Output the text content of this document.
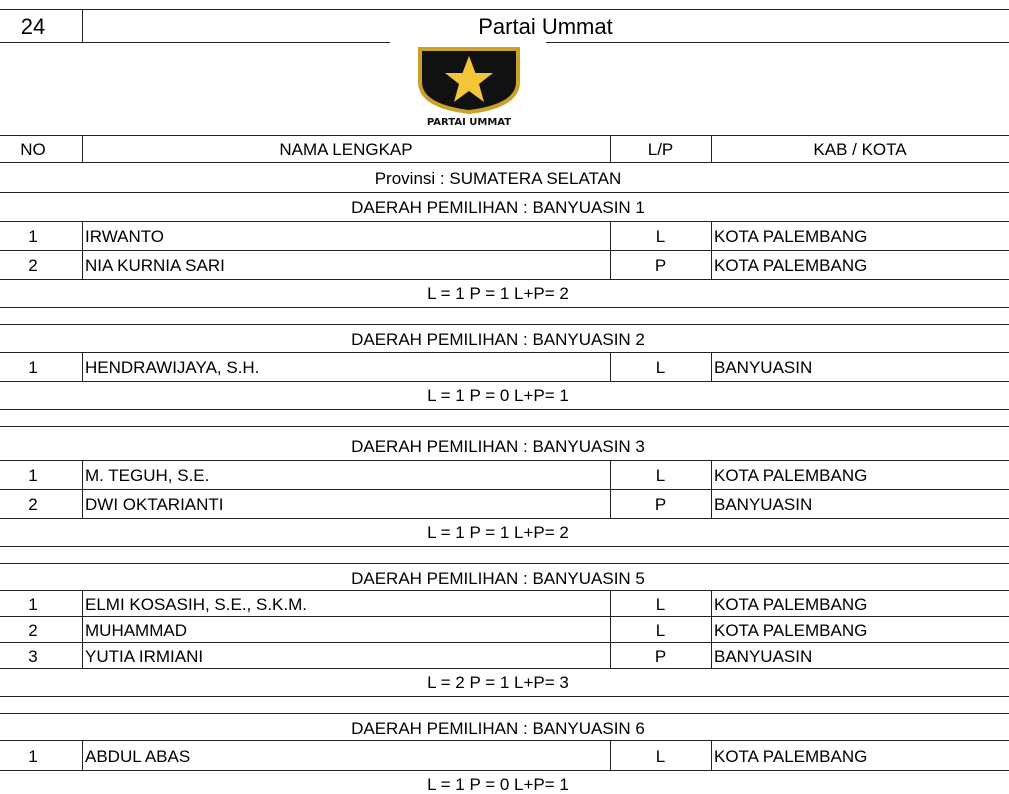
24	Partai Ummat
NO	NAMA LENGKAP	L/P	KAB / KOTA
Provinsi : SUMATERA SELATAN
DAERAH PEMILIHAN : BANYUASIN 1
1	IRWANTO	L	KOTA PALEMBANG
2	NIA KURNIA SARI	P	KOTA PALEMBANG
L = 1 P = 1 L+P= 2
DAERAH PEMILIHAN : BANYUASIN 2
1	HENDRAWIJAYA, S.H.	L	BANYUASIN
L = 1 P = 0 L+P= 1
DAERAH PEMILIHAN : BANYUASIN 3
1	M. TEGUH, S.E.	L	KOTA PALEMBANG
2	DWI OKTARIANTI	P	BANYUASIN
L = 1 P = 1 L+P= 2
DAERAH PEMILIHAN : BANYUASIN 5
1	ELMI KOSASIH, S.E., S.K.M.	L	KOTA PALEMBANG
2	MUHAMMAD	L	KOTA PALEMBANG
3	YUTIA IRMIANI	P	BANYUASIN
L = 2 P = 1 L+P= 3
DAERAH PEMILIHAN : BANYUASIN 6
1	ABDUL ABAS	L	KOTA PALEMBANG
L = 1 P = 0 L+P= 1
PARTAI UMMAT
